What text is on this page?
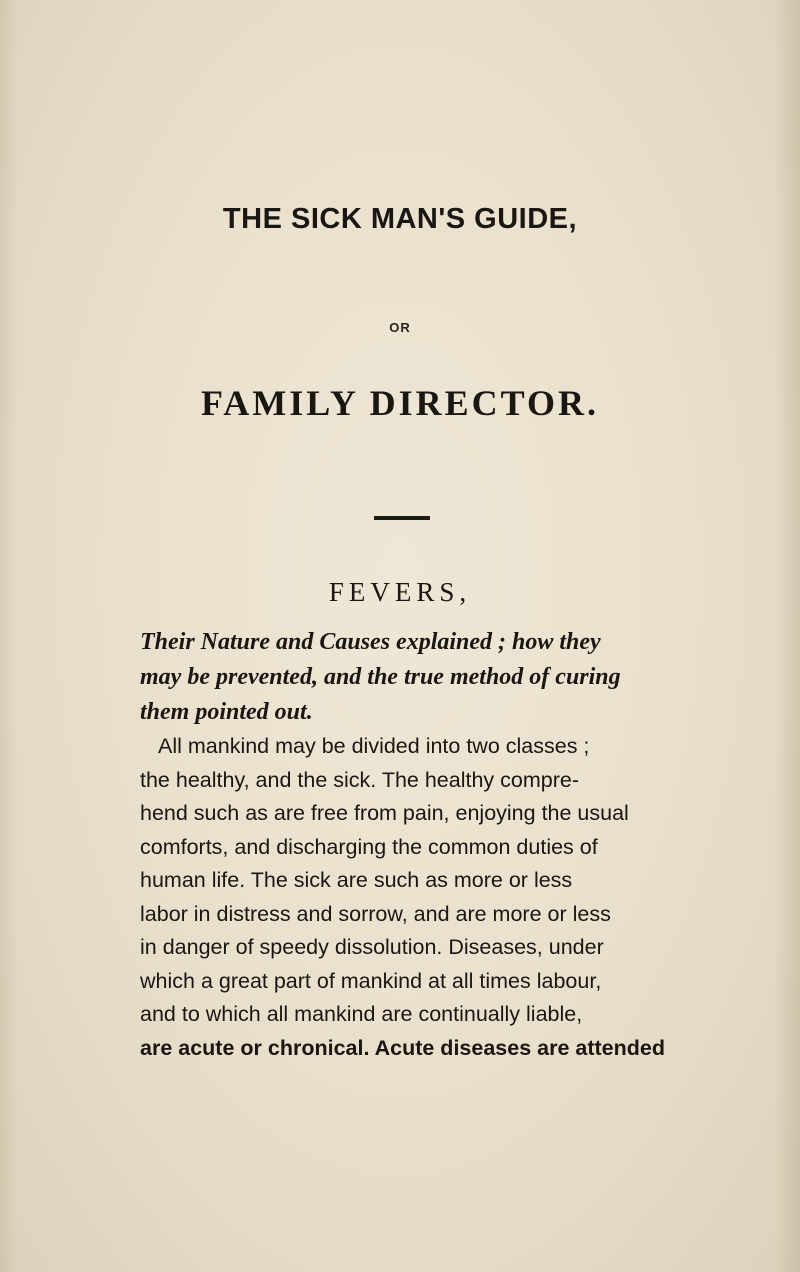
THE SICK MAN'S GUIDE,
OR
FAMILY DIRECTOR.
FEVERS,
Their Nature and Causes explained ; how they
may be prevented, and the true method of curing
them pointed out.
All mankind may be divided into two classes ;
the healthy, and the sick. The healthy compre-
hend such as are free from pain, enjoying the usual
comforts, and discharging the common duties of
human life. The sick are such as more or less
labor in distress and sorrow, and are more or less
in danger of speedy dissolution. Diseases, under
which a great part of mankind at all times labour,
and to which all mankind are continually liable,
are acute or chronical. Acute diseases are attended
